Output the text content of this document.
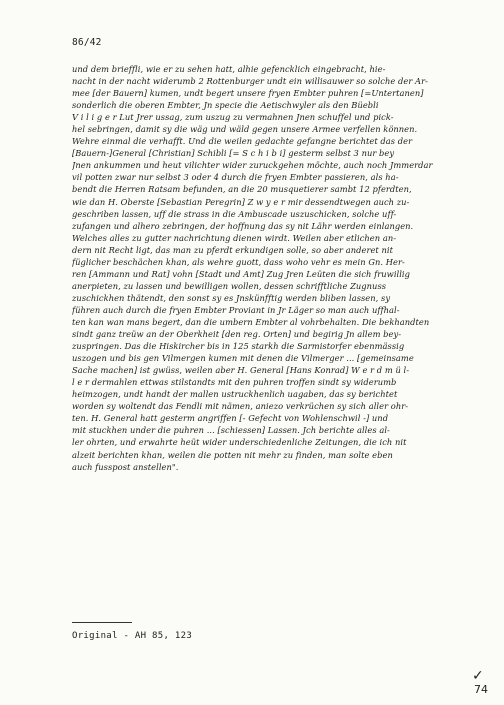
86/42
und dem brieffli, wie er zu sehen hatt, alhie gefencklich eingebracht, hie-
nacht in der nacht widerumb 2 Rottenburger undt ein willisauwer so solche der Ar-
mee [der Bauern] kumen, undt begert unsere fryen Embter puhren [=Untertanen]
sonderlich die oberen Embter, Jn specie die Aetischwyler als den Büebli
V i l i g e r Lut Jrer ussag, zum uszug zu vermahnen Jnen schuffel und pick-
hel sebringen, damit sy die wäg und wäld gegen unsere Armee verfellen können.
Wehre einmal die verhafft. Und die weilen gedachte gefangne berichtet das der
[Bauern-]General [Christian] Schibli [= S c h i b i] gesterm selbst 3 nur bey
Jnen ankummen und heut vilichter wider zuruckgehen möchte, auch noch Jmmerdar
vil potten zwar nur selbst 3 oder 4 durch die fryen Embter passieren, als ha-
bendt die Herren Ratsam befunden, an die 20 musquetierer sambt 12 pferdten,
wie dan H. Oberste [Sebastian Peregrin] Z w y e r mir dessendtwegen auch zu-
geschriben lassen, uff die strass in die Ambuscade uszuschicken, solche uff-
zufangen und alhero zebringen, der hoffnung das sy nit Lähr werden einlangen.
Welches alles zu gutter nachrichtung dienen wirdt. Weilen aber etlichen an-
dern nit Recht ligt, das man zu pferdt erkundigen solle, so aber anderet nit
füglicher beschächen khan, als wehre guott, dass woho vehr es mein Gn. Her-
ren [Ammann und Rat] vohn [Stadt und Amt] Zug Jren Leüten die sich fruwillig
anerpieten, zu lassen und bewilligen wollen, dessen schrifftliche Zugnuss
zuschickhen thätendt, den sonst sy es Jnskünfftig werden bliben lassen, sy
führen auch durch die fryen Embter Proviant in Jr Läger so man auch uffhal-
ten kan wan mans begert, dan die umbern Embter al vohrbehalten. Die bekhandten
sindt ganz treüw an der Oberkheit [den reg. Orten] und begirig Jn allem bey-
zuspringen. Das die Hiskircher bis in 125 starkh die Sarmistorfer ebenmässig
uszogen und bis gen Vilmergen kumen mit denen die Vilmerger ... [gemeinsame
Sache machen] ist gwüss, weilen aber H. General [Hans Konrad] W e r d m ü l-
l e r dermahlen ettwas stilstandts mit den puhren troffen sindt sy widerumb
heimzogen, undt handt der mallen ustruckhenlich uagaben, das sy berichtet
worden sy woltendt das Fendli mit nämen, aniezo verkrüchen sy sich aller ohr-
ten. H. General hatt gesterm angriffen [- Gefecht von Wohlenschwil -] und
mit stuckhen under die puhren ... [schiessen] Lassen. Jch berichte alles al-
ler ohrten, und erwahrte heüt wider underschiedenliche Zeitungen, die ich nit
alzeit berichten khan, weilen die potten nit mehr zu finden, man solte eben
auch fusspost anstellen".
Original - AH 85, 123
✓
74
